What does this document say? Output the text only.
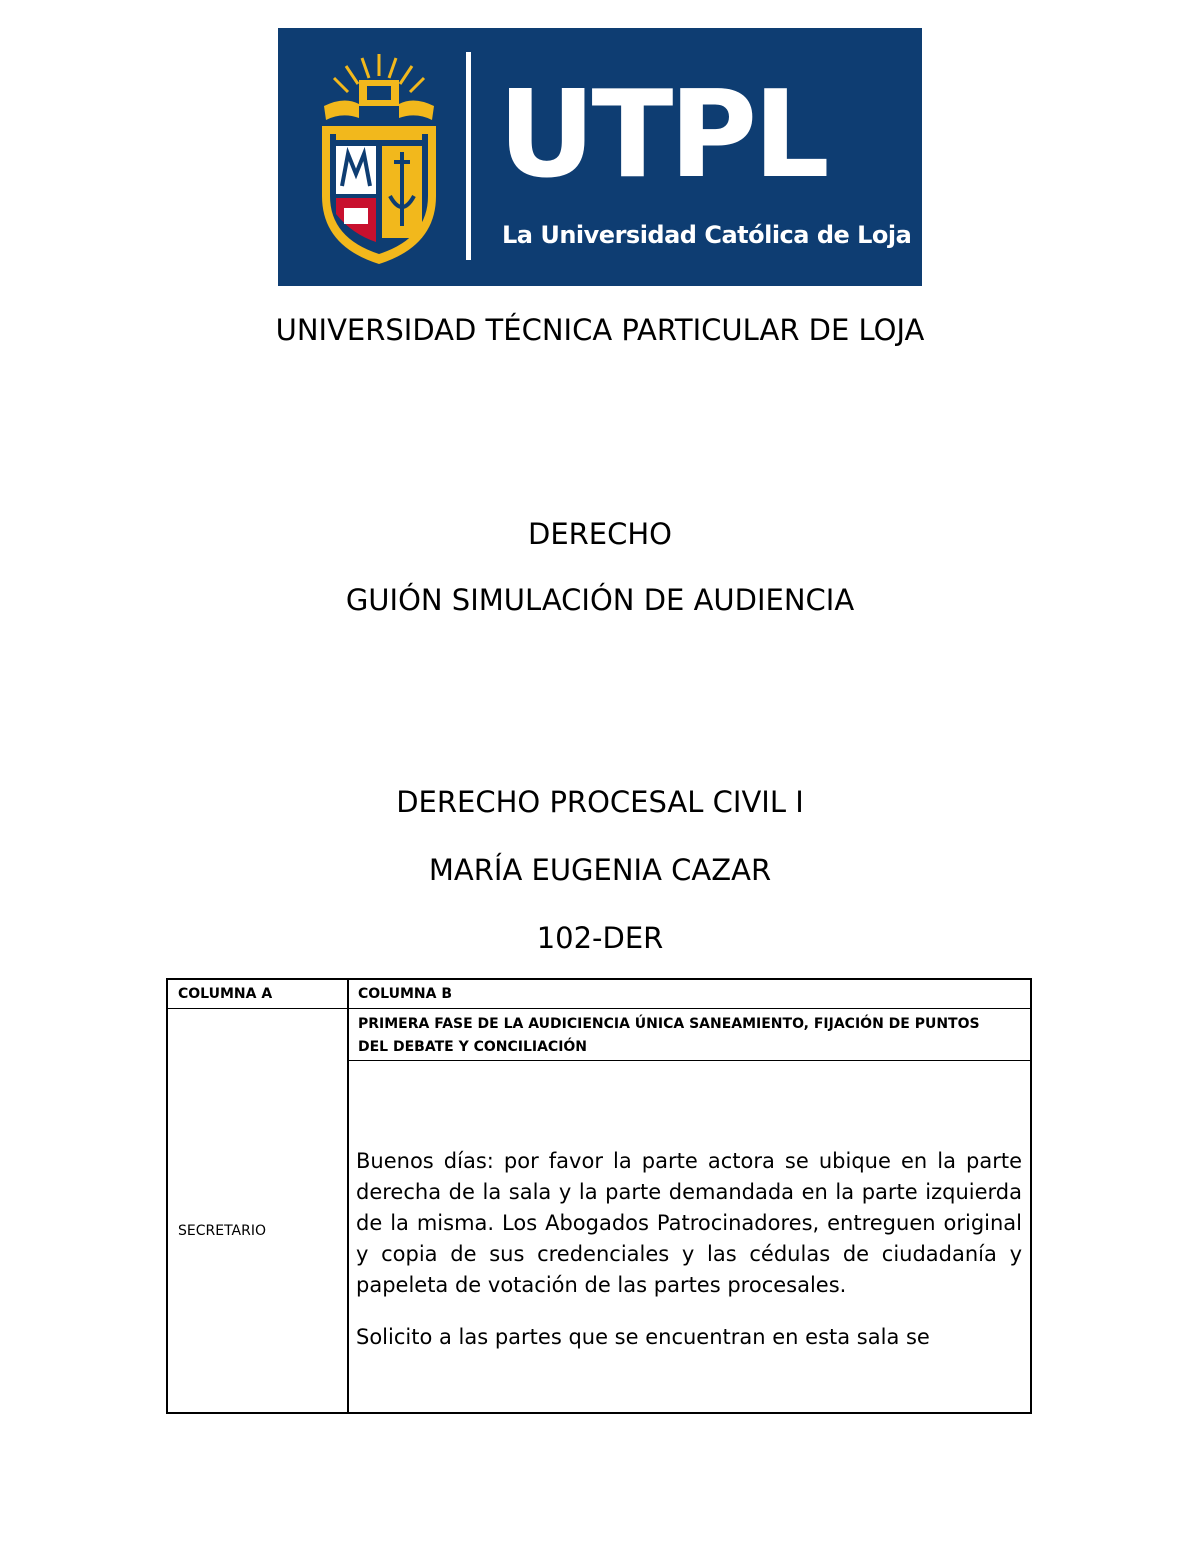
UTPL
La Universidad Católica de Loja
UNIVERSIDAD TÉCNICA PARTICULAR DE LOJA
DERECHO
GUIÓN SIMULACIÓN DE AUDIENCIA
DERECHO PROCESAL CIVIL I
MARÍA EUGENIA CAZAR
102-DER
COLUMNA A	COLUMNA B
PRIMERA FASE DE LA AUDICIENCIA ÚNICA SANEAMIENTO, FIJACIÓN DE PUNTOS DEL DEBATE Y CONCILIACIÓN
SECRETARIO

Buenos días: por favor la parte actora se ubique en la parte derecha de la sala y la parte demandada en la parte izquierda de la misma. Los Abogados Patrocinadores, entreguen original y copia de sus credenciales y las cédulas de ciudadanía y papeleta de votación de las partes procesales.

Solicito a las partes que se encuentran en esta sala se
